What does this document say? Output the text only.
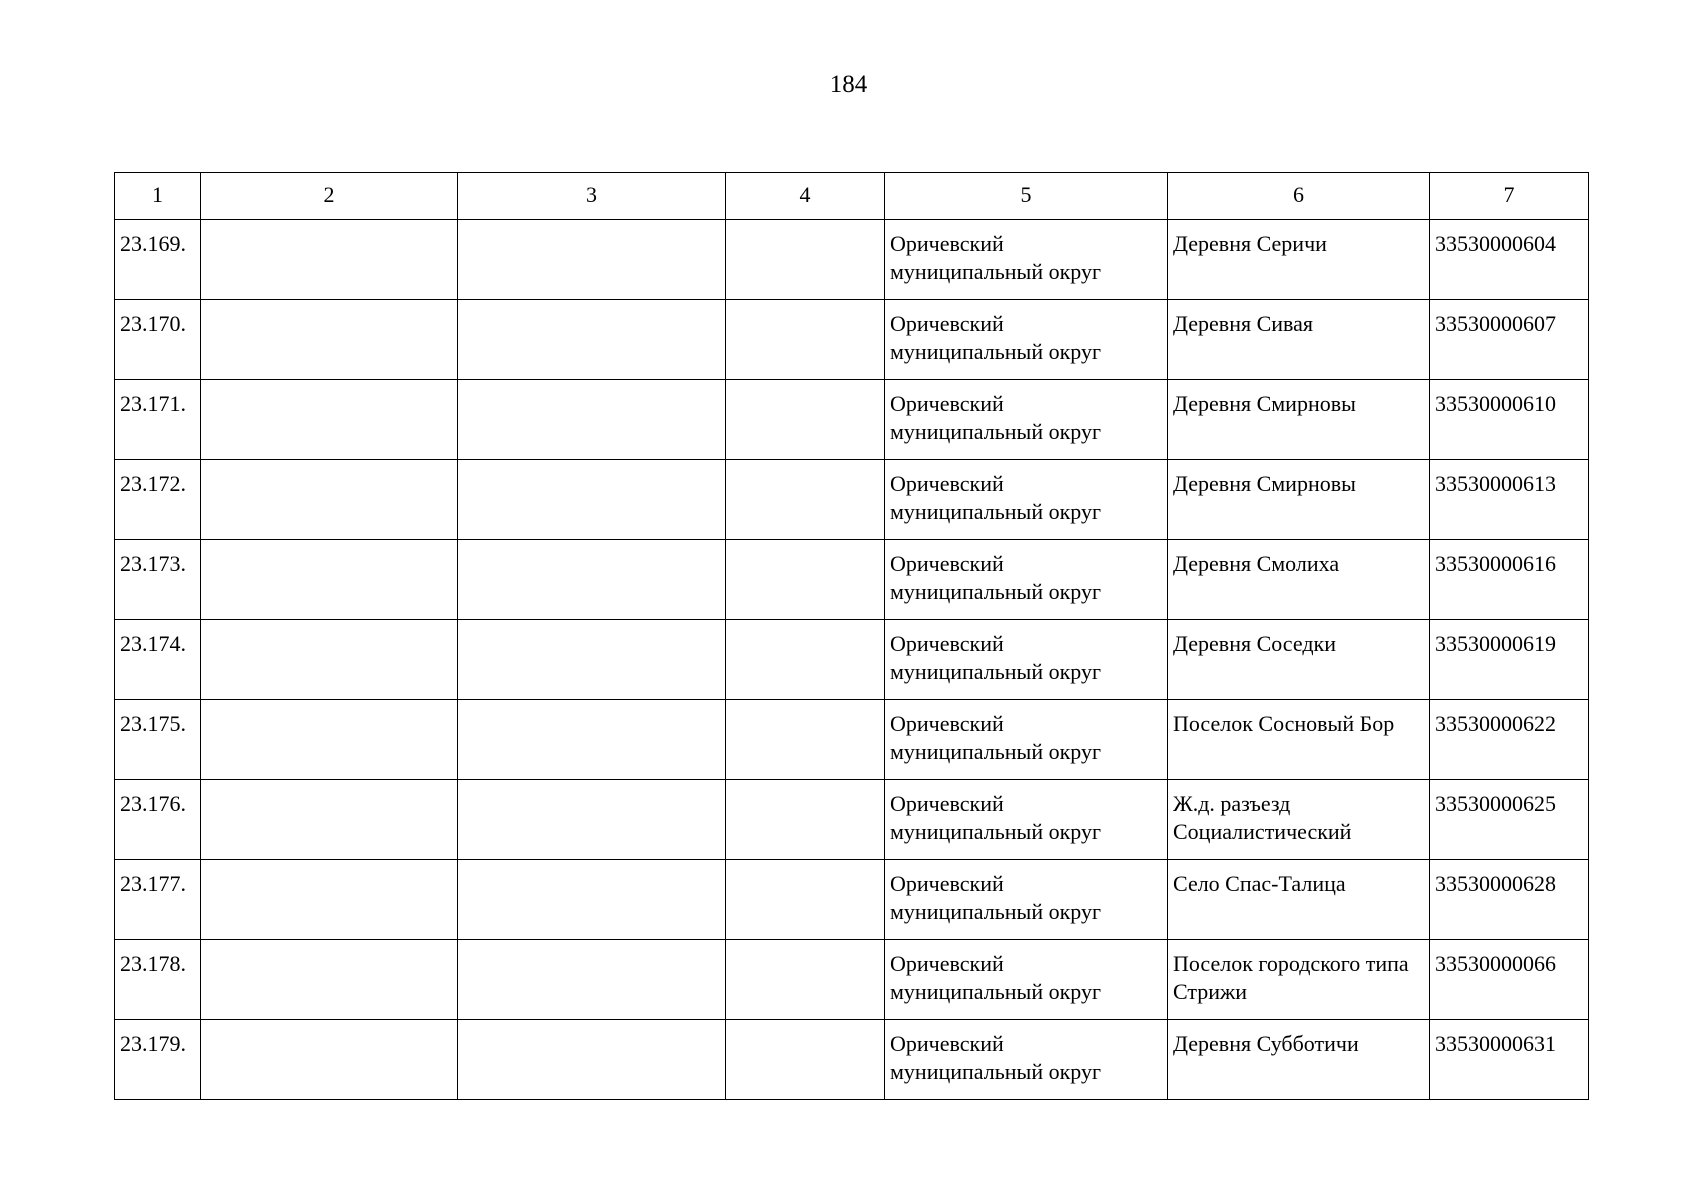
184
1	2	3	4	5	6	7
23.169.				Оричевский муниципальный округ	Деревня Серичи	33530000604
23.170.				Оричевский муниципальный округ	Деревня Сивая	33530000607
23.171.				Оричевский муниципальный округ	Деревня Смирновы	33530000610
23.172.				Оричевский муниципальный округ	Деревня Смирновы	33530000613
23.173.				Оричевский муниципальный округ	Деревня Смолиха	33530000616
23.174.				Оричевский муниципальный округ	Деревня Соседки	33530000619
23.175.				Оричевский муниципальный округ	Поселок Сосновый Бор	33530000622
23.176.				Оричевский муниципальный округ	Ж.д. разъезд Социалистический	33530000625
23.177.				Оричевский муниципальный округ	Село Спас-Талица	33530000628
23.178.				Оричевский муниципальный округ	Поселок городского типа Стрижи	33530000066
23.179.				Оричевский муниципальный округ	Деревня Субботичи	33530000631
